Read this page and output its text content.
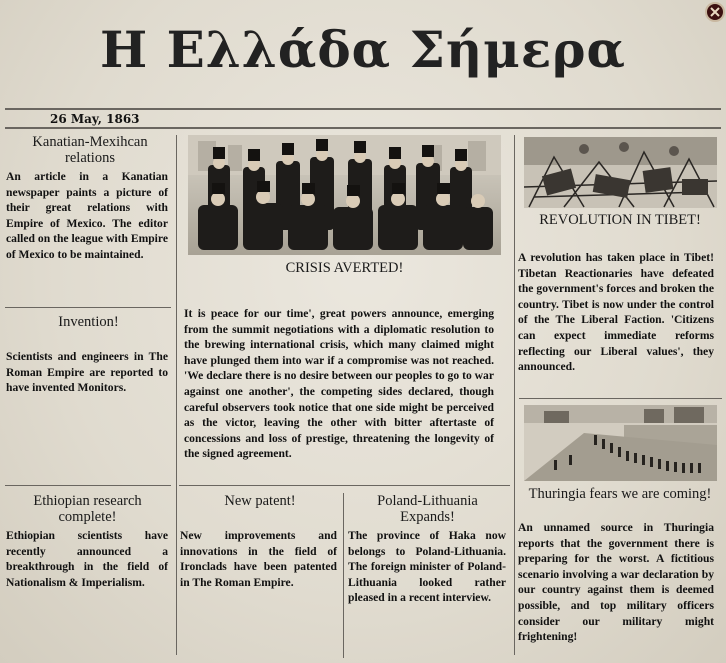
Η Ελλάδα Σήμερα
26 May, 1863
Kanatian-Mexihcan relations
An article in a Kanatian newspaper paints a picture of their great relations with Empire of Mexico. The editor called on the league with Empire of Mexico to be maintained.
Invention!
Scientists and engineers in The Roman Empire are reported to have invented Monitors.
Ethiopian research complete!
Ethiopian scientists have recently announced a breakthrough in the field of Nationalism & Imperialism.
CRISIS AVERTED!
It is peace for our time', great powers announce, emerging from the summit negotiations with a diplomatic resolution to the brewing international crisis, which many claimed might have plunged them into war if a compromise was not reached. 'We declare there is no desire between our peoples to go to war against one another', the competing sides declared, though careful observers took notice that one side might be perceived as the victor, leaving the other with bitter aftertaste of concessions and loss of prestige, threatening the longevity of the signed agreement.
New patent!
New improvements and innovations in the field of Ironclads have been patented in The Roman Empire.
Poland-Lithuania Expands!
The province of Haka now belongs to Poland-Lithuania. The foreign minister of Poland-Lithuania looked rather pleased in a recent interview.
REVOLUTION IN TIBET!
A revolution has taken place in Tibet! Tibetan Reactionaries have defeated the government's forces and broken the country. Tibet is now under the control of the The Liberal Faction. 'Citizens can expect immediate reforms reflecting our Liberal values', they announced.
Thuringia fears we are coming!
An unnamed source in Thuringia reports that the government there is preparing for the worst. A fictitious scenario involving a war declaration by our country against them is deemed possible, and top military officers consider our military might frightening!
